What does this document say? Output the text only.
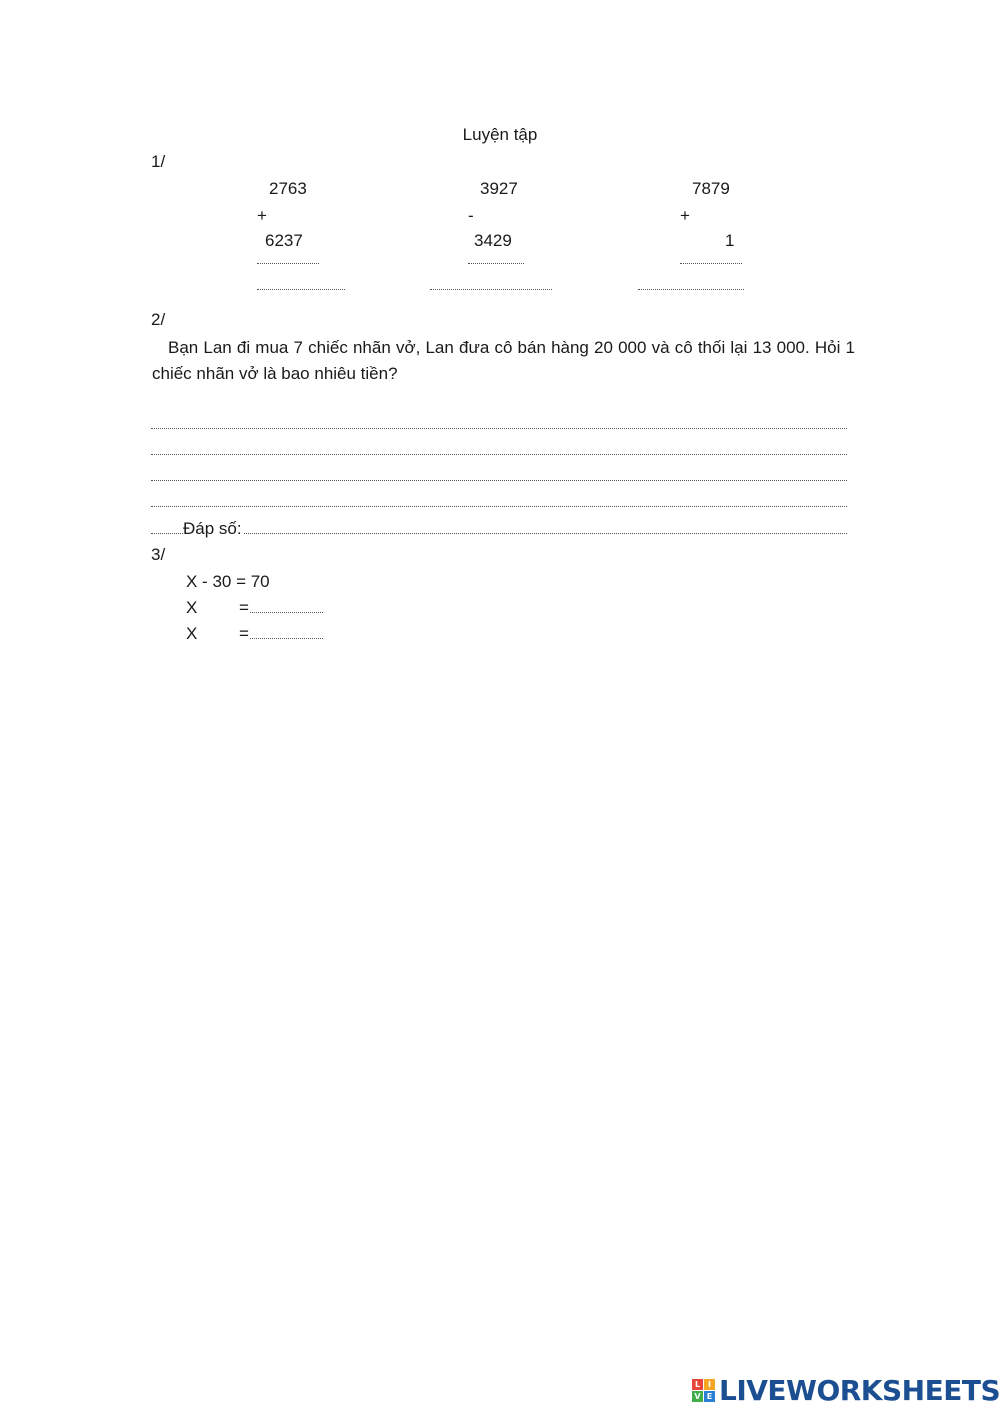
Luyện tập
1/
2763
+
6237
3927
-
3429
7879
+
1
2/
Bạn Lan đi mua 7 chiếc nhãn vở, Lan đưa cô bán hàng 20 000 và cô thối lại 13 000. Hỏi 1 chiếc nhãn vở là bao nhiêu tiền?
Đáp số:
3/
X - 30 = 70
X =
X =
L I
V E LIVEWORKSHEETS
